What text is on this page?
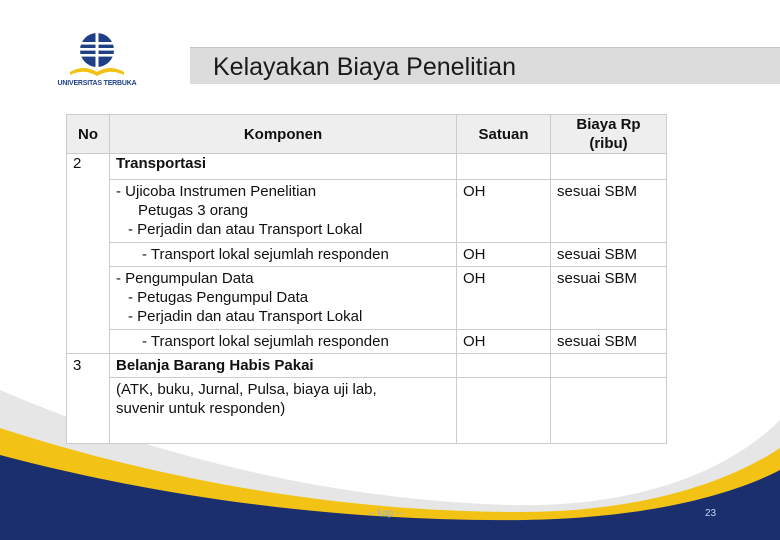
UNIVERSITAS TERBUKA
Kelayakan Biaya Penelitian
No	Komponen	Satuan	Biaya Rp
(ribu)

2	Transportasi		

	- Ujicoba Instrumen Penelitian
Petugas 3 orang
- Perjadin dan atau Transport Lokal	OH	sesuai SBM

	- Transport lokal sejumlah responden	OH	sesuai SBM

	- Pengumpulan Data
- Petugas Pengumpul Data
- Perjadin dan atau Transport Lokal	OH	sesuai SBM

	- Transport lokal sejumlah responden	OH	sesuai SBM
3	Belanja Barang Habis Pakai		

	(ATK, buku, Jurnal, Pulsa, biaya uji lab,
suvenir untuk responden)		

-- kap --	23
